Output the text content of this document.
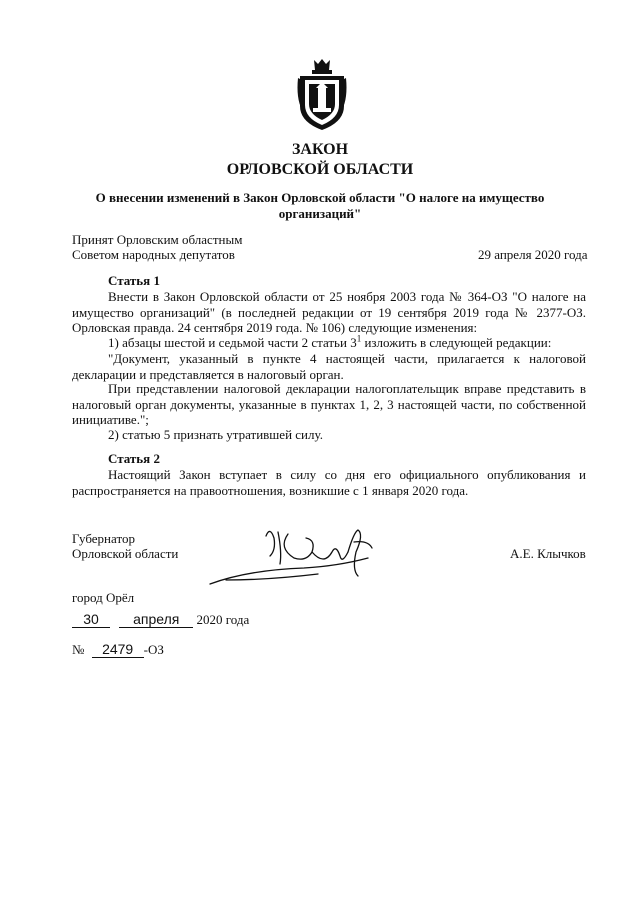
ЗАКОН
ОРЛОВСКОЙ ОБЛАСТИ
О внесении изменений в Закон Орловской области "О налоге на имущество организаций"
Принят Орловским областным
Советом народных депутатов	29 апреля 2020 года
Статья 1

Внести в Закон Орловской области от 25 ноября 2003 года № 364-ОЗ "О налоге на имущество организаций" (в последней редакции от 19 сентября 2019 года № 2377-ОЗ. Орловская правда. 24 сентября 2019 года. № 106) следующие изменения:

1) абзацы шестой и седьмой части 2 статьи $3^1$ изложить в следующей редакции:

"Документ, указанный в пункте 4 настоящей части, прилагается к налоговой декларации и представляется в налоговый орган.

При представлении налоговой декларации налогоплательщик вправе представить в налоговый орган документы, указанные в пунктах 1, 2, 3 настоящей части, по собственной инициативе.";

2) статью 5 признать утратившей силу.

Статья 2

Настоящий Закон вступает в силу со дня его официального опубликования и распространяется на правоотношения, возникшие с 1 января 2020 года.

Губернатор
Орловской области	А.Е. Клычков
город Орёл
30 апреля 2020 года
№ 2479 -ОЗ
